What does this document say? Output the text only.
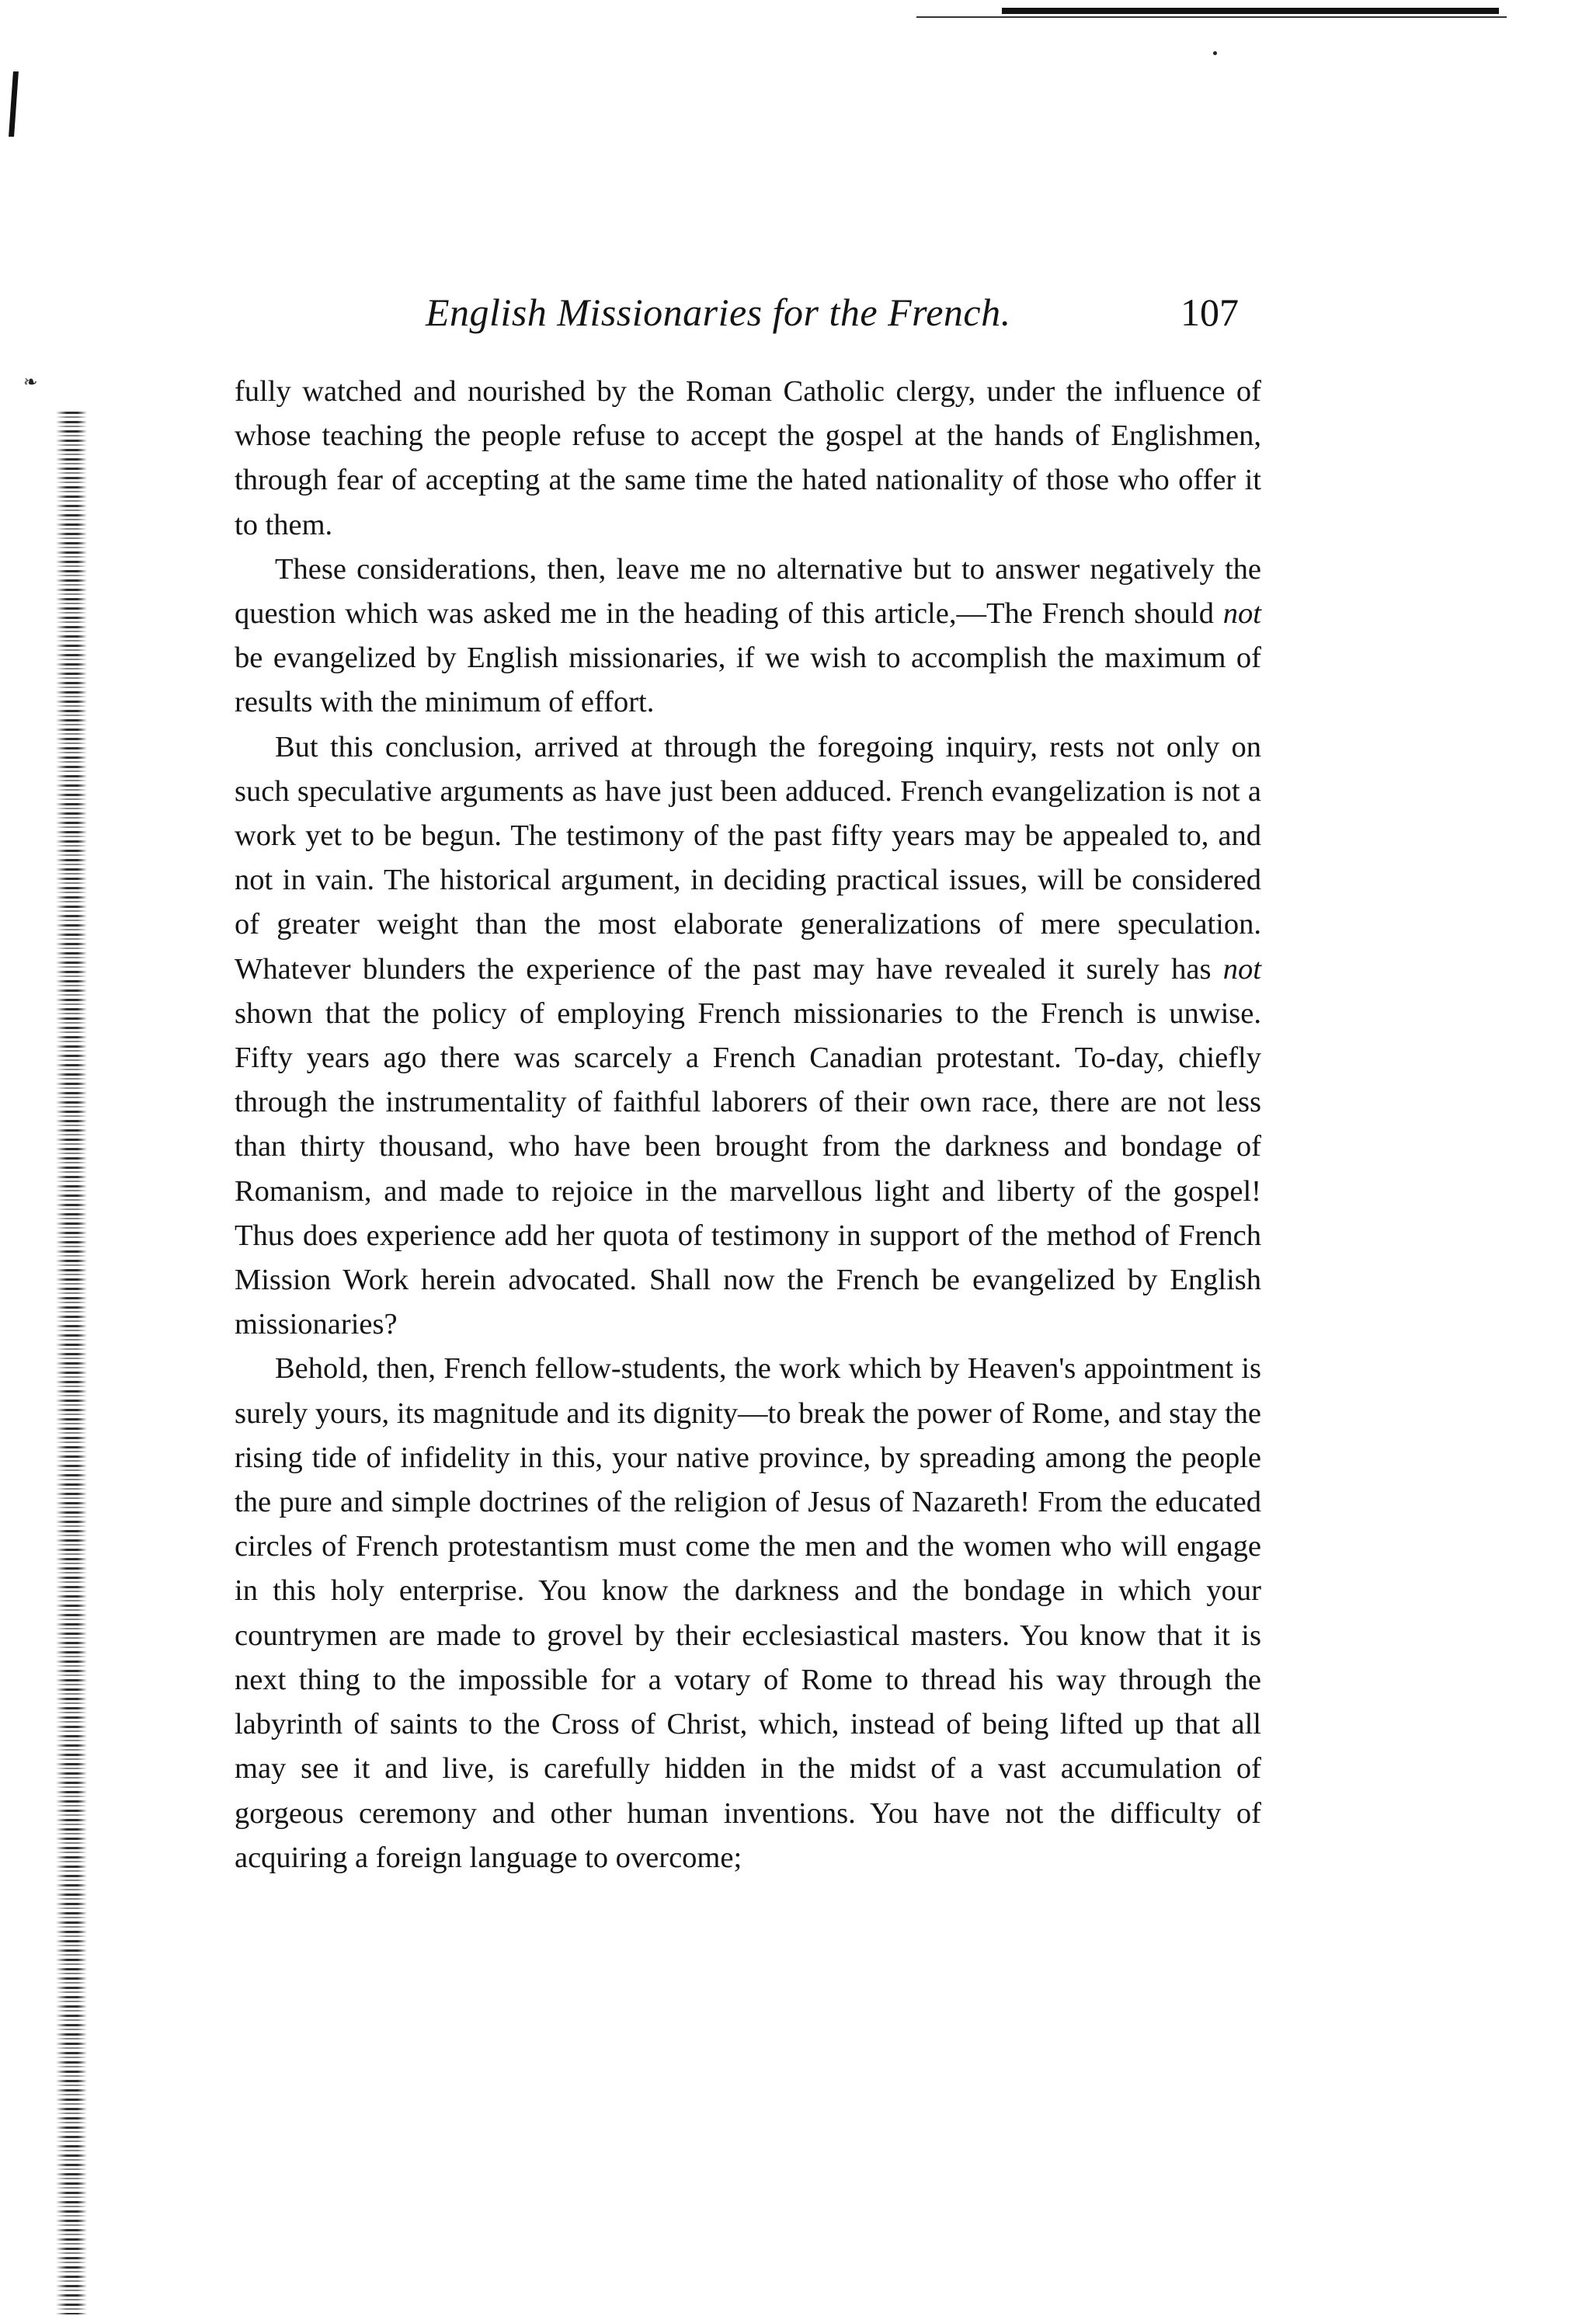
❧
English Missionaries for the French.	107

fully watched and nourished by the Roman Catholic clergy, under the influence of whose teaching the people refuse to accept the gospel at the hands of Englishmen, through fear of accepting at the same time the hated nationality of those who offer it to them.

These considerations, then, leave me no alternative but to answer negatively the question which was asked me in the heading of this article,—The French should not be evangelized by English missionaries, if we wish to accomplish the maximum of results with the minimum of effort.

But this conclusion, arrived at through the foregoing inquiry, rests not only on such speculative arguments as have just been adduced. French evangelization is not a work yet to be begun. The testimony of the past fifty years may be appealed to, and not in vain. The historical argument, in deciding practical issues, will be considered of greater weight than the most elaborate generalizations of mere speculation. Whatever blunders the experience of the past may have revealed it surely has not shown that the policy of employing French missionaries to the French is unwise. Fifty years ago there was scarcely a French Canadian protestant. To-day, chiefly through the instrumentality of faithful laborers of their own race, there are not less than thirty thousand, who have been brought from the darkness and bondage of Romanism, and made to rejoice in the marvellous light and liberty of the gospel! Thus does experience add her quota of testimony in support of the method of French Mission Work herein advocated. Shall now the French be evangelized by English missionaries?

Behold, then, French fellow-students, the work which by Heaven's appointment is surely yours, its magnitude and its dignity—to break the power of Rome, and stay the rising tide of infidelity in this, your native province, by spreading among the people the pure and simple doctrines of the religion of Jesus of Nazareth! From the educated circles of French protestantism must come the men and the women who will engage in this holy enterprise. You know the darkness and the bondage in which your countrymen are made to grovel by their ecclesiastical masters. You know that it is next thing to the impossible for a votary of Rome to thread his way through the labyrinth of saints to the Cross of Christ, which, instead of being lifted up that all may see it and live, is carefully hidden in the midst of a vast accumulation of gorgeous ceremony and other human inventions. You have not the difficulty of acquiring a foreign language to overcome;
